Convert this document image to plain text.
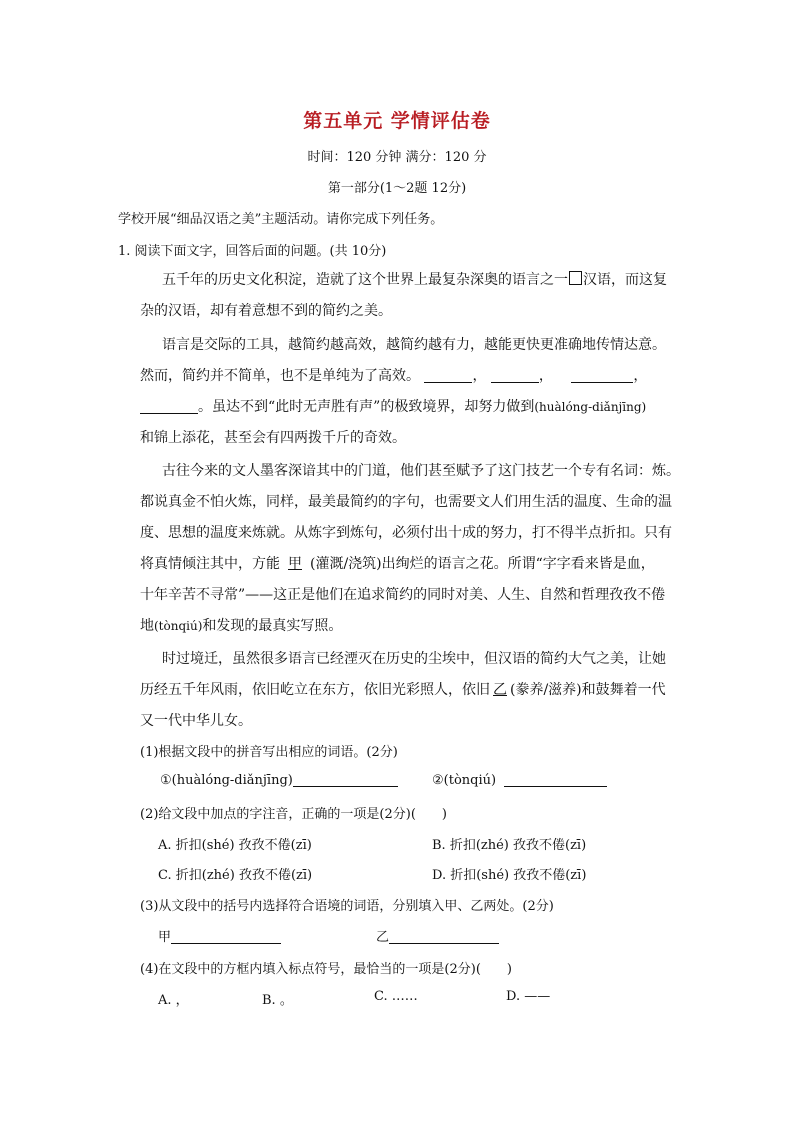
第五单元 学情评估卷
时间：120 分钟 满分：120 分
第一部分(1～2题 12分)
学校开展“细品汉语之美”主题活动。请你完成下列任务。
1. 阅读下面文字，回答后面的问题。(共 10分)
五千年的历史文化积淀，造就了这个世界上最复杂深奥的语言之一 汉语，而这复
杂的汉语，却有着意想不到的简约之美。
语言是交际的工具，越简约越高效，越简约越有力，越能更快更准确地传情达意。
然而，简约并不简单，也不是单纯为了高效。	，	，	，
。虽达不到“此时无声胜有声”的极致境界，却努力做到(huàlóng-diǎnjīng)
和锦上添花，甚至会有四两拨千斤的奇效。
古往今来的文人墨客深谙其中的门道，他们甚至赋予了这门技艺一个专有名词：炼。
都说真金不怕火炼，同样，最美最简约的字句，也需要文人们用生活的温度、生命的温
度、思想的温度来炼就。从炼字到炼句，必须付出十成的努力，打不得半点折扣。只有
将真情倾注其中，方能 甲 (灌溉/浇筑)出绚烂的语言之花。所谓“字字看来皆是血，
十年辛苦不寻常”——这正是他们在追求简约的同时对美、人生、自然和哲理孜孜不倦
地(tònqiú)和发现的最真实写照。
时过境迁，虽然很多语言已经湮灭在历史的尘埃中，但汉语的简约大气之美，让她
历经五千年风雨，依旧屹立在东方，依旧光彩照人，依旧 乙 (豢养/滋养)和鼓舞着一代
又一代中华儿女。
(1)根据文段中的拼音写出相应的词语。(2分)
①(huàlóng-diǎnjīng)	②(tònqiú)
(2)给文段中加点的字注音，正确的一项是(2分)(　　)
A. 折扣(shé) 孜孜不倦(zī)	B. 折扣(zhé) 孜孜不倦(zī)
C. 折扣(zhé) 孜孜不倦(zī)	D. 折扣(shé) 孜孜不倦(zī)
(3)从文段中的括号内选择符合语境的词语，分别填入甲、乙两处。(2分)
甲	乙
(4)在文段中的方框内填入标点符号，最恰当的一项是(2分)(　　)
A. ，	B. 。	C. ……	D. ——
